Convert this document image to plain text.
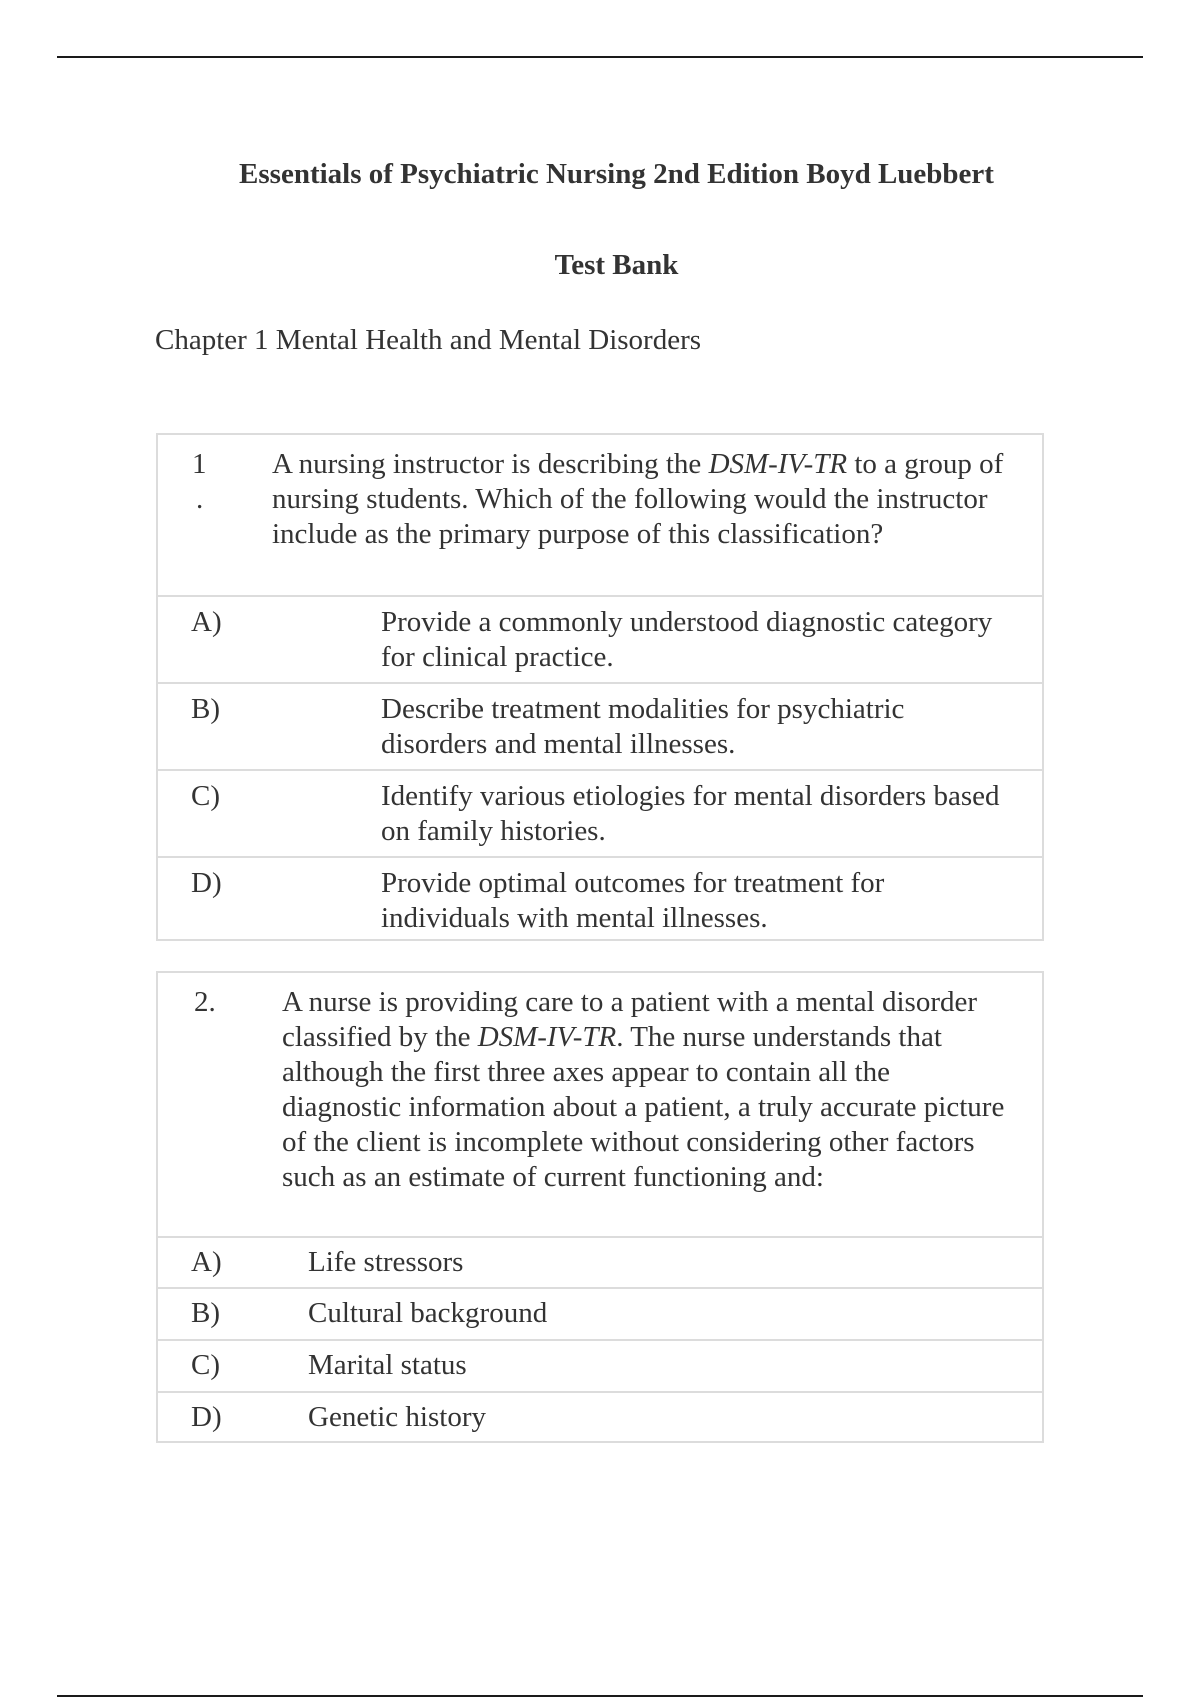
Essentials of Psychiatric Nursing 2nd Edition Boyd Luebbert
Test Bank
Chapter 1 Mental Health and Mental Disorders
1
.
A nursing instructor is describing the DSM-IV-TR to a group of nursing students. Which of the following would the instructor include as the primary purpose of this classification?
A)	Provide a commonly understood diagnostic category for clinical practice.
B)	Describe treatment modalities for psychiatric disorders and mental illnesses.
C)	Identify various etiologies for mental disorders based on family histories.
D)	Provide optimal outcomes for treatment for individuals with mental illnesses.
2. A nurse is providing care to a patient with a mental disorder classified by the DSM-IV-TR. The nurse understands that although the first three axes appear to contain all the diagnostic information about a patient, a truly accurate picture of the client is incomplete without considering other factors such as an estimate of current functioning and:
A)	Life stressors
B)	Cultural background
C)	Marital status
D)	Genetic history
